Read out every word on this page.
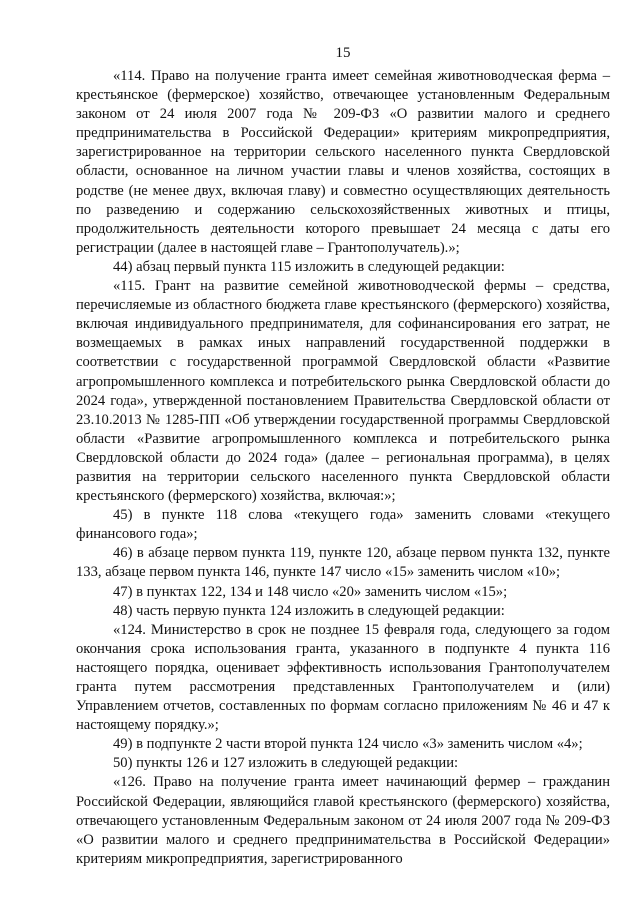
15

«114. Право на получение гранта имеет семейная животноводческая ферма – крестьянское (фермерское) хозяйство, отвечающее установленным Федеральным законом от 24 июля 2007 года № 209-ФЗ «О развитии малого и среднего предпринимательства в Российской Федерации» критериям микропредприятия, зарегистрированное на территории сельского населенного пункта Свердловской области, основанное на личном участии главы и членов хозяйства, состоящих в родстве (не менее двух, включая главу) и совместно осуществляющих деятельность по разведению и содержанию сельскохозяйственных животных и птицы, продолжительность деятельности которого превышает 24 месяца с даты его регистрации (далее в настоящей главе – Грантополучатель).»;

44) абзац первый пункта 115 изложить в следующей редакции:

«115. Грант на развитие семейной животноводческой фермы – средства, перечисляемые из областного бюджета главе крестьянского (фермерского) хозяйства, включая индивидуального предпринимателя, для софинансирования его затрат, не возмещаемых в рамках иных направлений государственной поддержки в соответствии с государственной программой Свердловской области «Развитие агропромышленного комплекса и потребительского рынка Свердловской области до 2024 года», утвержденной постановлением Правительства Свердловской области от 23.10.2013 № 1285-ПП «Об утверждении государственной программы Свердловской области «Развитие агропромышленного комплекса и потребительского рынка Свердловской области до 2024 года» (далее – региональная программа), в целях развития на территории сельского населенного пункта Свердловской области крестьянского (фермерского) хозяйства, включая:»;

45) в пункте 118 слова «текущего года» заменить словами «текущего финансового года»;

46) в абзаце первом пункта 119, пункте 120, абзаце первом пункта 132, пункте 133, абзаце первом пункта 146, пункте 147 число «15» заменить числом «10»;

47) в пунктах 122, 134 и 148 число «20» заменить числом «15»;

48) часть первую пункта 124 изложить в следующей редакции:

«124. Министерство в срок не позднее 15 февраля года, следующего за годом окончания срока использования гранта, указанного в подпункте 4 пункта 116 настоящего порядка, оценивает эффективность использования Грантополучателем гранта путем рассмотрения представленных Грантополучателем и (или) Управлением отчетов, составленных по формам согласно приложениям № 46 и 47 к настоящему порядку.»;

49) в подпункте 2 части второй пункта 124 число «3» заменить числом «4»;

50) пункты 126 и 127 изложить в следующей редакции:

«126. Право на получение гранта имеет начинающий фермер – гражданин Российской Федерации, являющийся главой крестьянского (фермерского) хозяйства, отвечающего установленным Федеральным законом от 24 июля 2007 года № 209-ФЗ «О развитии малого и среднего предпринимательства в Российской Федерации» критериям микропредприятия, зарегистрированного
